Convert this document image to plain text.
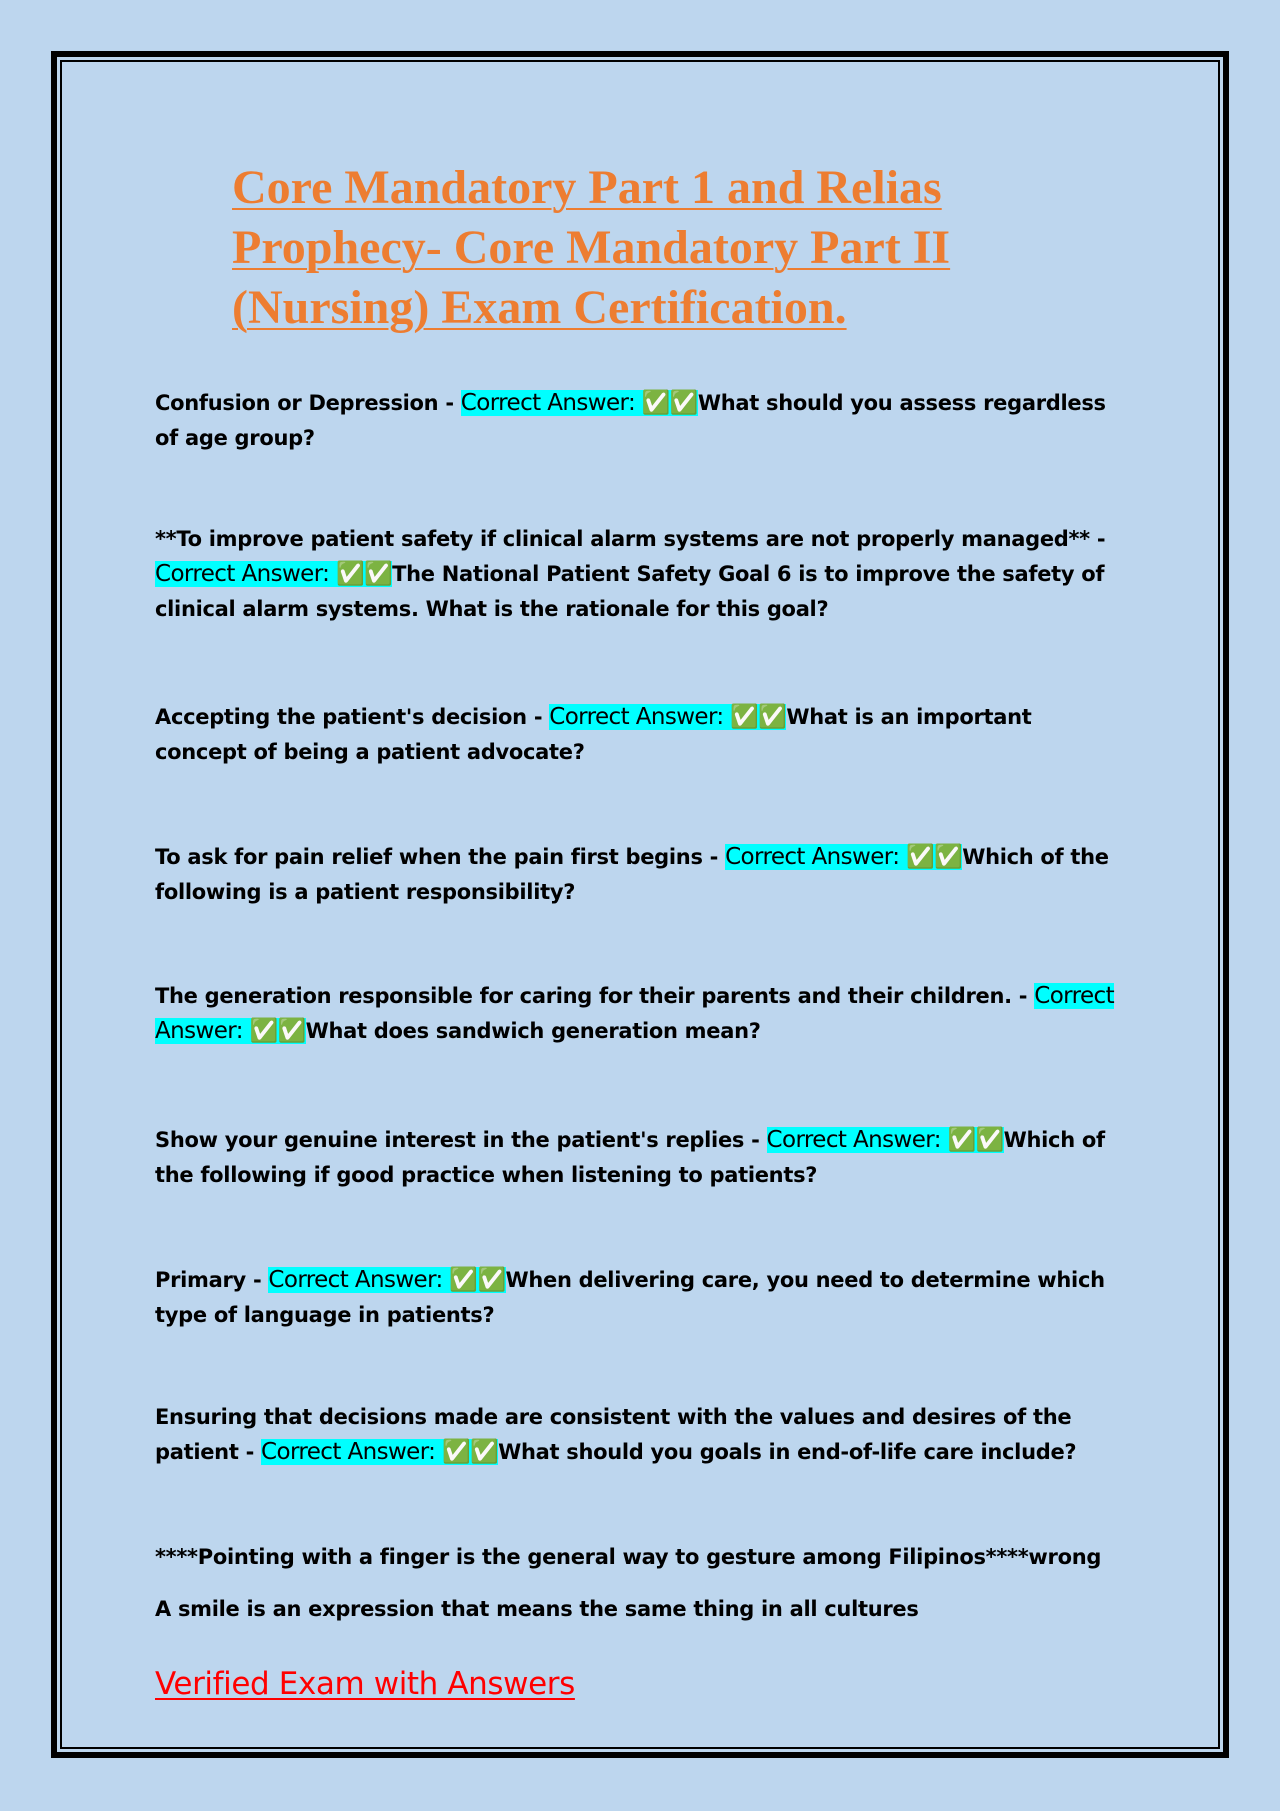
Core Mandatory Part 1 and Relias Prophecy- Core Mandatory Part II (Nursing) Exam Certification.

Confusion or Depression - Correct Answer: ✅✅What should you assess regardless of age group?

**To improve patient safety if clinical alarm systems are not properly managed** - Correct Answer: ✅✅The National Patient Safety Goal 6 is to improve the safety of clinical alarm systems. What is the rationale for this goal?

Accepting the patient's decision - Correct Answer: ✅✅What is an important concept of being a patient advocate?

To ask for pain relief when the pain first begins - Correct Answer: ✅✅Which of the following is a patient responsibility?

The generation responsible for caring for their parents and their children. - Correct Answer: ✅✅What does sandwich generation mean?

Show your genuine interest in the patient's replies - Correct Answer: ✅✅Which of the following if good practice when listening to patients?

Primary - Correct Answer: ✅✅When delivering care, you need to determine which type of language in patients?

Ensuring that decisions made are consistent with the values and desires of the patient - Correct Answer: ✅✅What should you goals in end-of-life care include?

****Pointing with a finger is the general way to gesture among Filipinos****wrong

A smile is an expression that means the same thing in all cultures

Verified Exam with Answers
